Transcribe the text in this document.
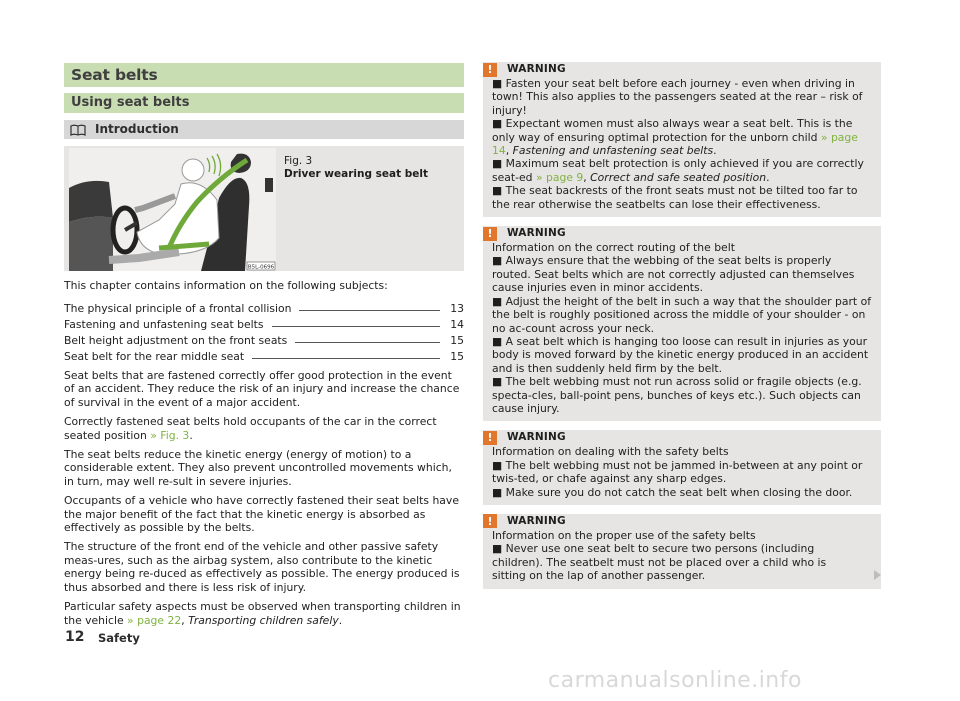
Seat belts
Using seat belts
Introduction
B5L-0696
Fig. 3
Driver wearing seat belt
This chapter contains information on the following subjects:
The physical principle of a frontal collision	13
Fastening and unfastening seat belts	14
Belt height adjustment on the front seats	15
Seat belt for the rear middle seat	15

Seat belts that are fastened correctly offer good protection in the event of an accident. They reduce the risk of an injury and increase the chance of survival in the event of a major accident.

Correctly fastened seat belts hold occupants of the car in the correct seated position » Fig. 3.

The seat belts reduce the kinetic energy (energy of motion) to a considerable extent. They also prevent uncontrolled movements which, in turn, may well re-sult in severe injuries.

Occupants of a vehicle who have correctly fastened their seat belts have the major benefit of the fact that the kinetic energy is absorbed as effectively as possible by the belts.

The structure of the front end of the vehicle and other passive safety meas-ures, such as the airbag system, also contribute to the kinetic energy being re-duced as effectively as possible. The energy produced is thus absorbed and there is less risk of injury.

Particular safety aspects must be observed when transporting children in the vehicle » page 22, Transporting children safely.

!	WARNING
■ Fasten your seat belt before each journey - even when driving in town! This also applies to the passengers seated at the rear – risk of injury!
■ Expectant women must also always wear a seat belt. This is the only way of ensuring optimal protection for the unborn child » page 14, Fastening and unfastening seat belts.
■ Maximum seat belt protection is only achieved if you are correctly seat-ed » page 9, Correct and safe seated position.
■ The seat backrests of the front seats must not be tilted too far to the rear otherwise the seatbelts can lose their effectiveness.
!	WARNING
Information on the correct routing of the belt
■ Always ensure that the webbing of the seat belts is properly routed. Seat belts which are not correctly adjusted can themselves cause injuries even in minor accidents.
■ Adjust the height of the belt in such a way that the shoulder part of the belt is roughly positioned across the middle of your shoulder - on no ac-count across your neck.
■ A seat belt which is hanging too loose can result in injuries as your body is moved forward by the kinetic energy produced in an accident and is then suddenly held firm by the belt.
■ The belt webbing must not run across solid or fragile objects (e.g. specta-cles, ball-point pens, bunches of keys etc.). Such objects can cause injury.
!	WARNING
Information on dealing with the safety belts
■ The belt webbing must not be jammed in-between at any point or twis-ted, or chafe against any sharp edges.
■ Make sure you do not catch the seat belt when closing the door.
!	WARNING
Information on the proper use of the safety belts
■ Never use one seat belt to secure two persons (including children). The seatbelt must not be placed over a child who is sitting on the lap of another passenger.
12 Safety
carmanualsonline.info
